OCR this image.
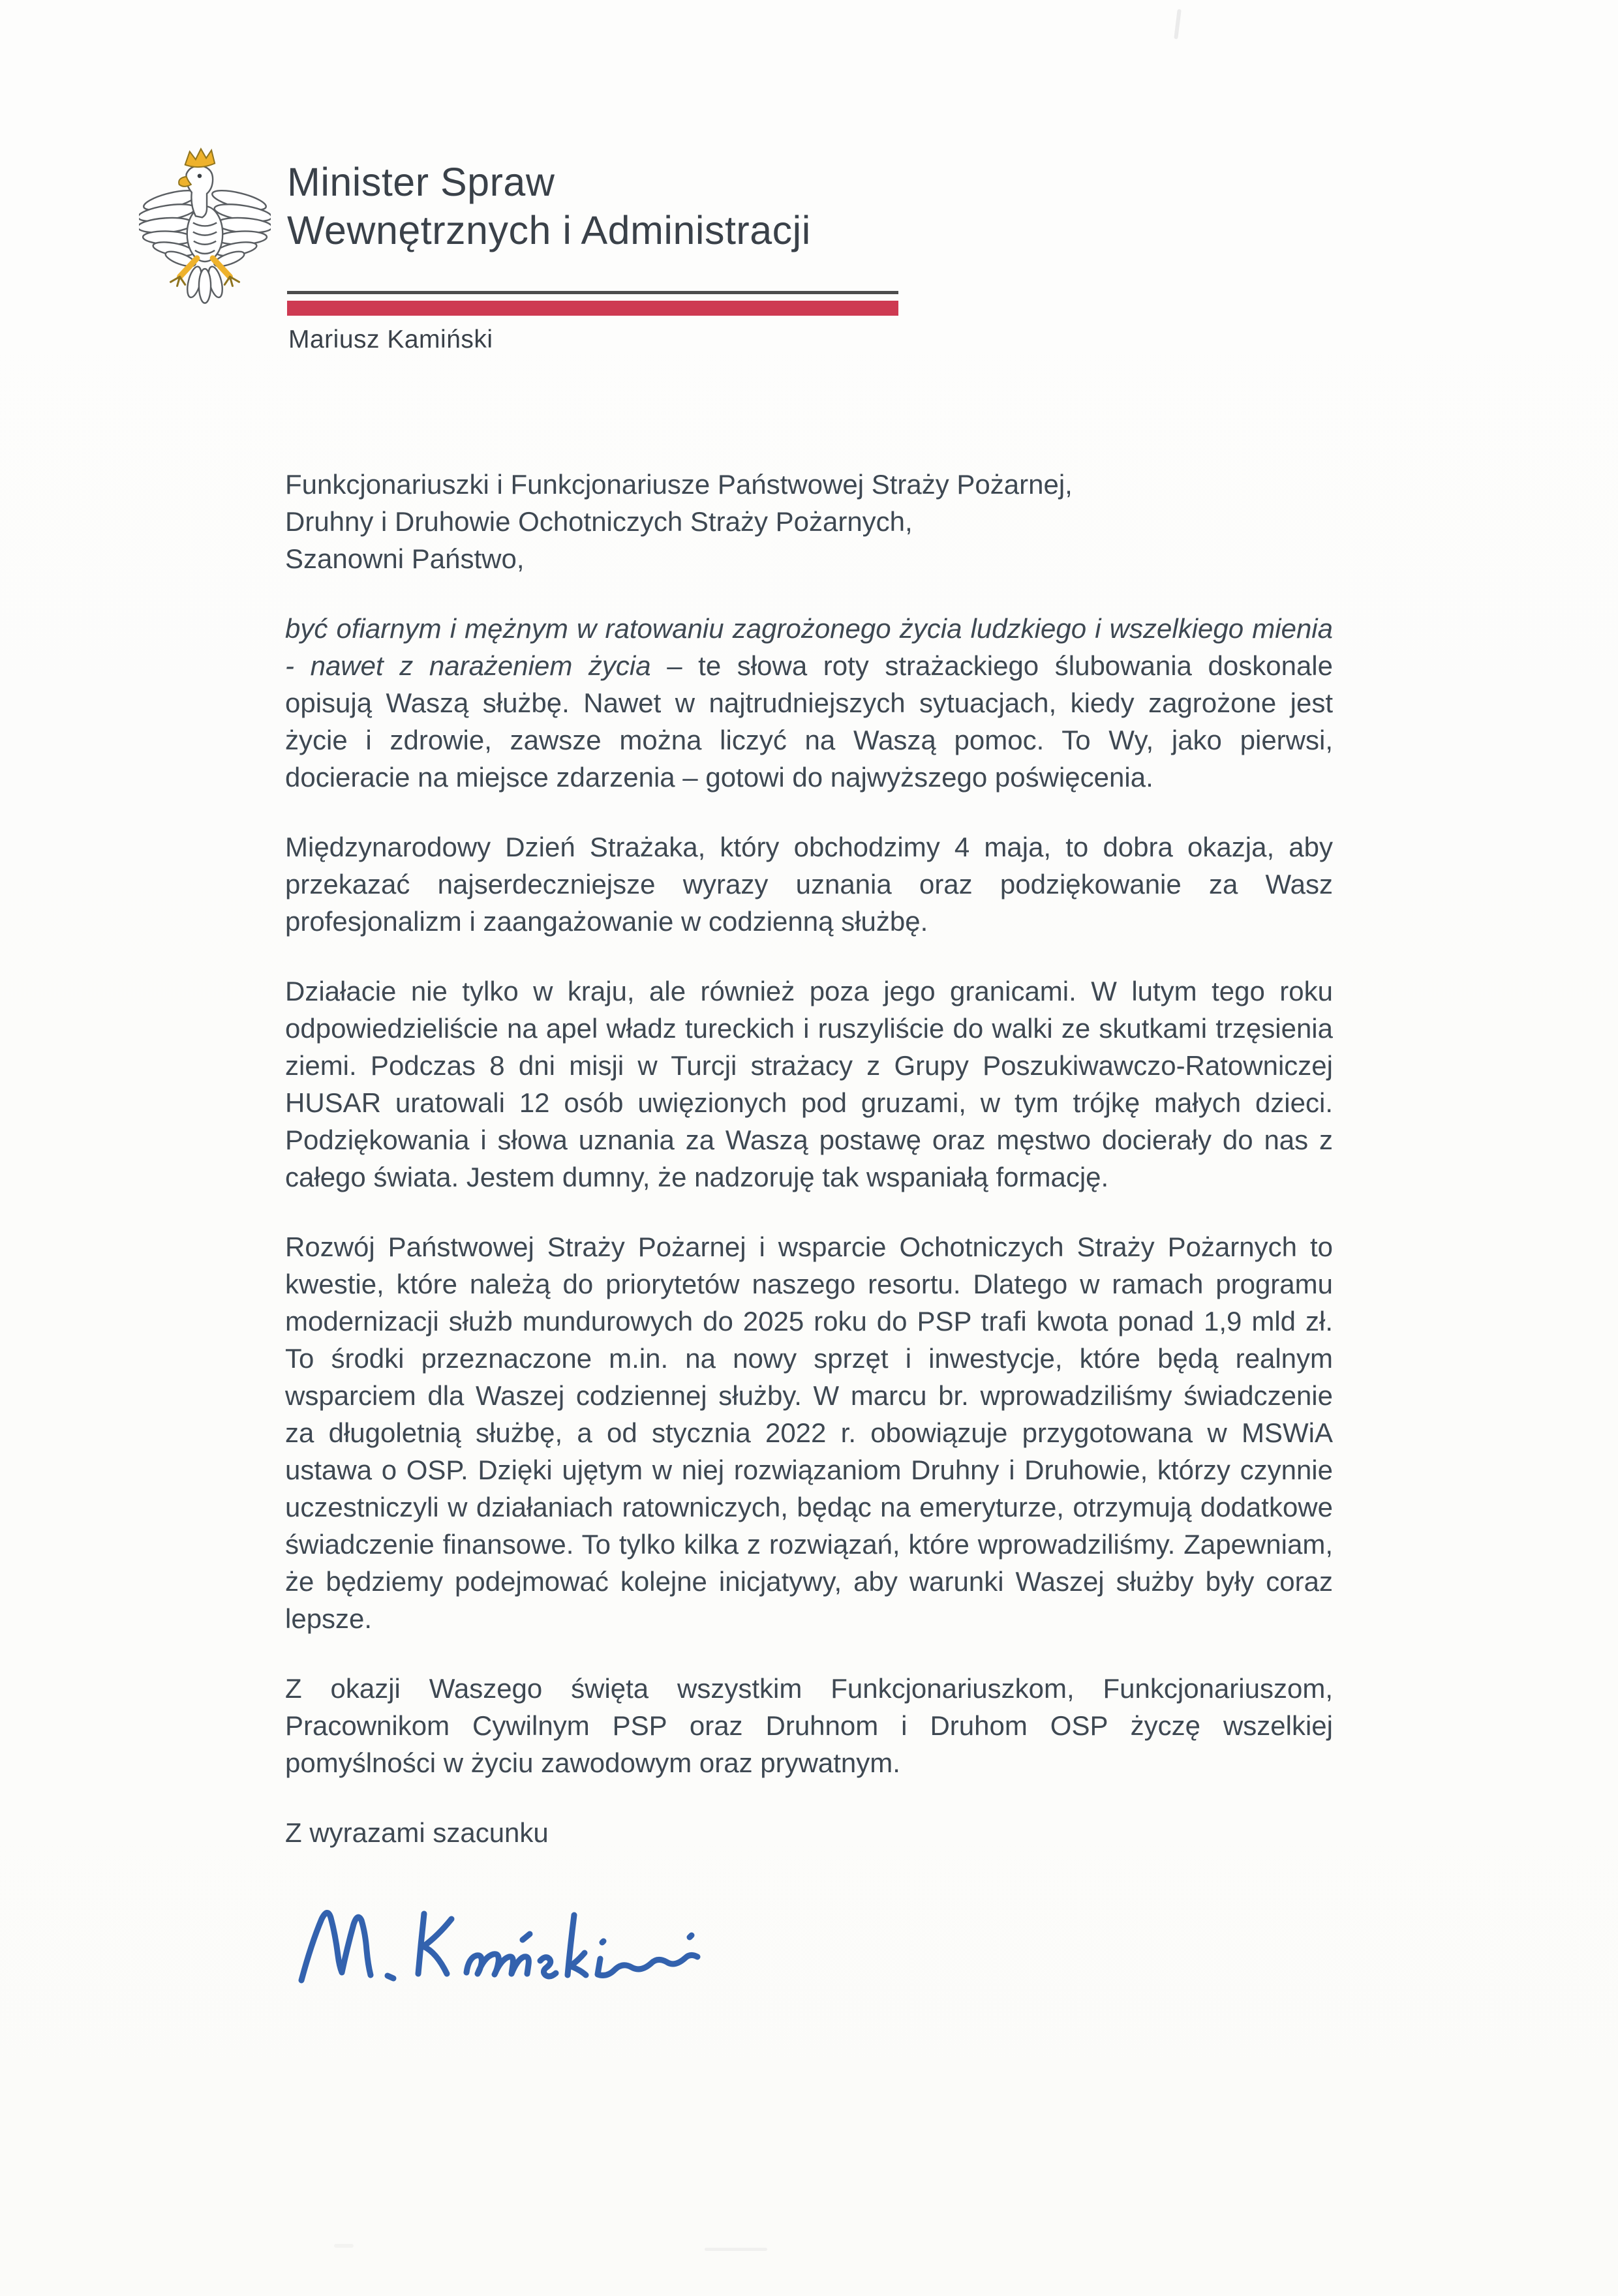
Minister Spraw
Wewnętrznych i Administracji
Mariusz Kamiński

Funkcjonariuszki i Funkcjonariusze Państwowej Straży Pożarnej,
Druhny i Druhowie Ochotniczych Straży Pożarnych,
Szanowni Państwo,

być ofiarnym i mężnym w ratowaniu zagrożonego życia ludzkiego i wszelkiego mienia - nawet z narażeniem życia – te słowa roty strażackiego ślubowania doskonale opisują Waszą służbę. Nawet w najtrudniejszych sytuacjach, kiedy zagrożone jest życie i zdrowie, zawsze można liczyć na Waszą pomoc. To Wy, jako pierwsi, docieracie na miejsce zdarzenia – gotowi do najwyższego poświęcenia.

Międzynarodowy Dzień Strażaka, który obchodzimy 4 maja, to dobra okazja, aby przekazać najserdeczniejsze wyrazy uznania oraz podziękowanie za Wasz profesjonalizm i zaangażowanie w codzienną służbę.

Działacie nie tylko w kraju, ale również poza jego granicami. W lutym tego roku odpowiedzieliście na apel władz tureckich i ruszyliście do walki ze skutkami trzęsienia ziemi. Podczas 8 dni misji w Turcji strażacy z Grupy Poszukiwawczo-Ratowniczej HUSAR uratowali 12 osób uwięzionych pod gruzami, w tym trójkę małych dzieci. Podziękowania i słowa uznania za Waszą postawę oraz męstwo docierały do nas z całego świata. Jestem dumny, że nadzoruję tak wspaniałą formację.

Rozwój Państwowej Straży Pożarnej i wsparcie Ochotniczych Straży Pożarnych to kwestie, które należą do priorytetów naszego resortu. Dlatego w ramach programu modernizacji służb mundurowych do 2025 roku do PSP trafi kwota ponad 1,9 mld zł. To środki przeznaczone m.in. na nowy sprzęt i inwestycje, które będą realnym wsparciem dla Waszej codziennej służby. W marcu br. wprowadziliśmy świadczenie za długoletnią służbę, a od stycznia 2022 r. obowiązuje przygotowana w MSWiA ustawa o OSP. Dzięki ujętym w niej rozwiązaniom Druhny i Druhowie, którzy czynnie uczestniczyli w działaniach ratowniczych, będąc na emeryturze, otrzymują dodatkowe świadczenie finansowe. To tylko kilka z rozwiązań, które wprowadziliśmy. Zapewniam, że będziemy podejmować kolejne inicjatywy, aby warunki Waszej służby były coraz lepsze.

Z okazji Waszego święta wszystkim Funkcjonariuszkom, Funkcjonariuszom, Pracownikom Cywilnym PSP oraz Druhnom i Druhom OSP życzę wszelkiej pomyślności w życiu zawodowym oraz prywatnym.

Z wyrazami szacunku
